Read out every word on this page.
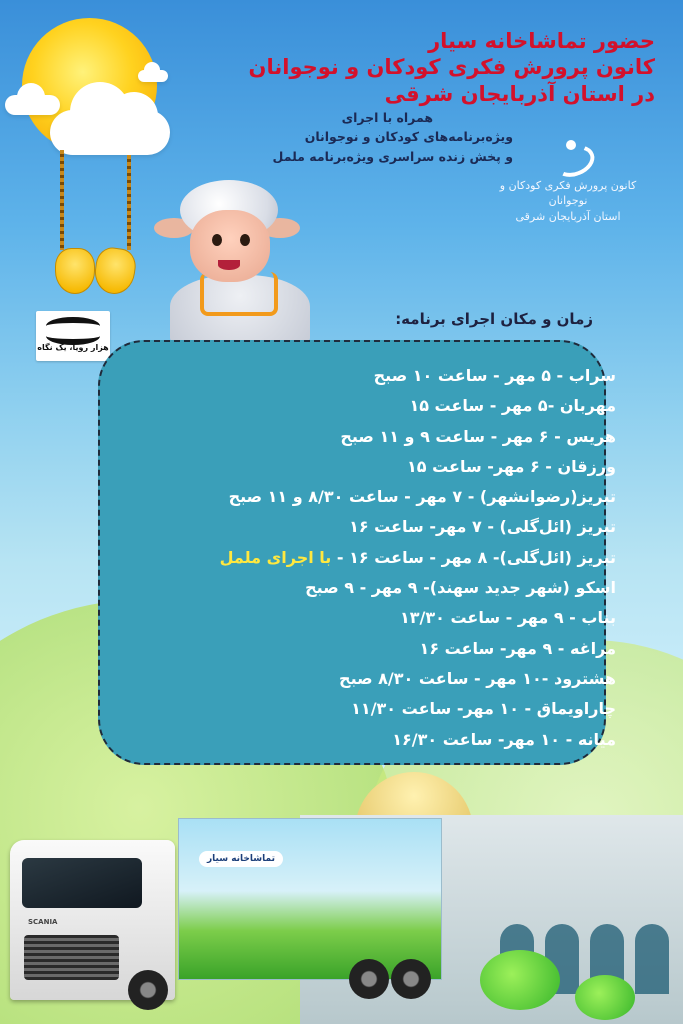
تماشاخانه سیار
SCANIA
حضور تماشاخانه سیار
کانون پرورش فکری کودکان و نوجوانان
در استان آذربایجان شرقی
همراه با اجرای
ویژه‌برنامه‌های کودکان و نوجوانان
و پخش زنده سراسری ویژه‌برنامه ململ
کانون پرورش فکری کودکان و نوجوانان
استان آذربایجان شرقی
هزار رویا، یک نگاه
زمان و مکان اجرای برنامه:
سراب - ۵ مهر - ساعت ۱۰ صبح
مهربان -۵ مهر - ساعت ۱۵
هریس - ۶ مهر - ساعت ۹ و ۱۱ صبح
ورزقان - ۶ مهر- ساعت ۱۵
تبریز(رضوانشهر) - ۷ مهر - ساعت ۸/۳۰ و ۱۱ صبح
تبریز (ائل‌گلی) - ۷ مهر- ساعت ۱۶
تبریز (ائل‌گلی)- ۸ مهر - ساعت ۱۶ - با اجرای ململ
اسکو (شهر جدید سهند)- ۹ مهر - ۹ صبح
بناب - ۹ مهر - ساعت ۱۳/۳۰
مراغه - ۹ مهر- ساعت ۱۶
هشترود -۱۰ مهر - ساعت ۸/۳۰ صبح
چاراویماق - ۱۰ مهر- ساعت ۱۱/۳۰
میانه - ۱۰ مهر- ساعت ۱۶/۳۰
